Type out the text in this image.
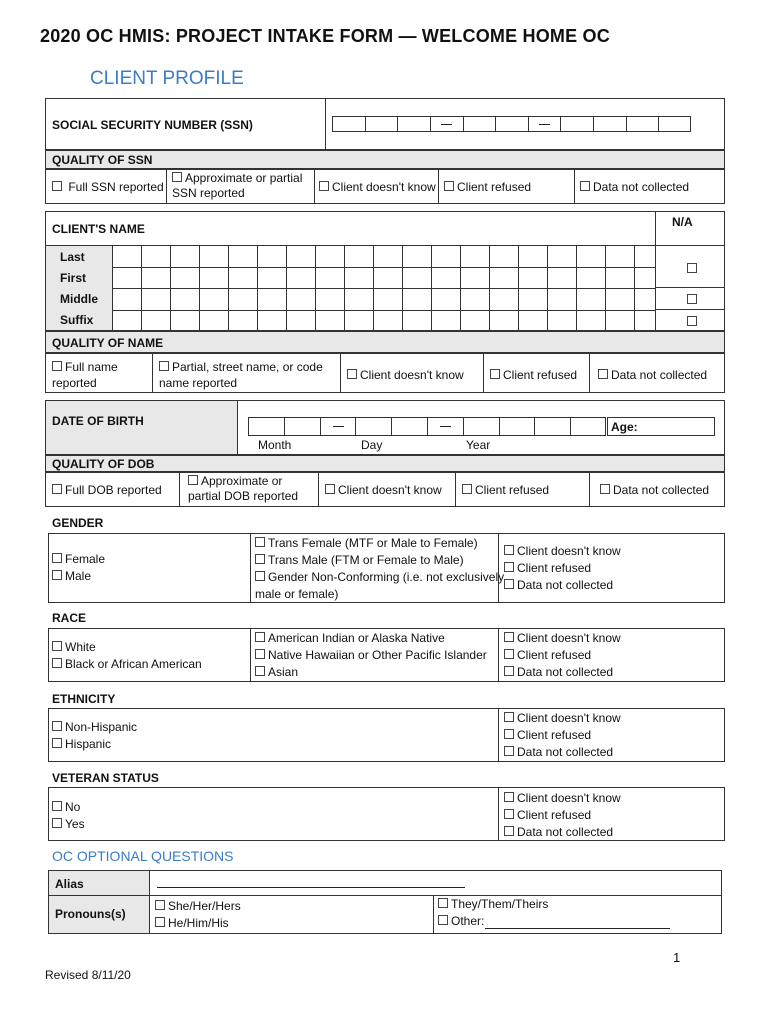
2020 OC HMIS: PROJECT INTAKE FORM — WELCOME HOME OC
CLIENT PROFILE
SOCIAL SECURITY NUMBER (SSN)
QUALITY OF SSN
Full SSN reported
Approximate or partial SSN reported	Client doesn't know	Client refused	Data not collected
CLIENT'S NAME	N/A
Last
First
Middle
Suffix
QUALITY OF NAME
Full name reported
Partial, street name, or code name reported
Client doesn't know	Client refused	Data not collected
DATE OF BIRTH	Age:
Month	Day	Year
QUALITY OF DOB
Full DOB reported
Approximate or partial DOB reported	Client doesn't know	Client refused	Data not collected
GENDER
Female
Male
Trans Female (MTF or Male to Female)
Trans Male (FTM or Female to Male)
Gender Non-Conforming (i.e. not exclusively
male or female)
Client doesn't know
Client refused
Data not collected
RACE
White
Black or African American
American Indian or Alaska Native
Native Hawaiian or Other Pacific Islander
Asian
Client doesn't know
Client refused
Data not collected
ETHNICITY
Non-Hispanic
Hispanic
Client doesn't know
Client refused
Data not collected
VETERAN STATUS
No
Yes
Client doesn't know
Client refused
Data not collected
OC OPTIONAL QUESTIONS
Alias
Pronouns(s)
She/Her/Hers
He/Him/His
They/Them/Theirs
Other:
1
Revised 8/11/20
